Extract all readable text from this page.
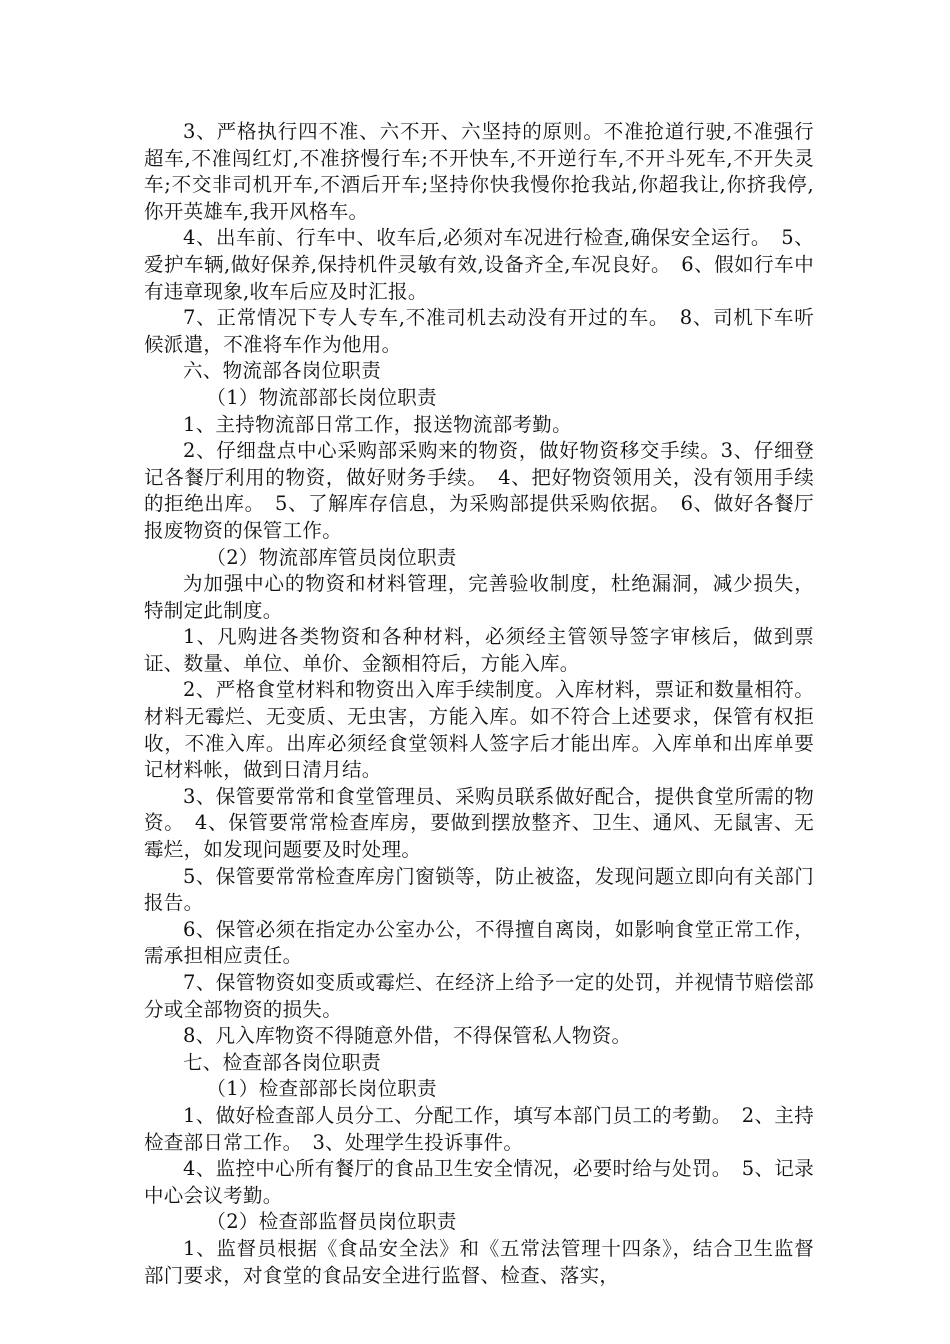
3、严格执行四不准、六不开、六坚持的原则。不准抢道行驶,不准强行超车,不准闯红灯,不准挤慢行车;不开快车,不开逆行车,不开斗死车,不开失灵车;不交非司机开车,不酒后开车;坚持你快我慢你抢我站,你超我让,你挤我停,你开英雄车,我开风格车。

4、出车前、行车中、收车后,必须对车况进行检查,确保安全运行。　5、爱护车辆,做好保养,保持机件灵敏有效,设备齐全,车况良好。　6、假如行车中有违章现象,收车后应及时汇报。

7、正常情况下专人专车,不准司机去动没有开过的车。　8、司机下车听候派遣，不准将车作为他用。

六、物流部各岗位职责

（1）物流部部长岗位职责

1、主持物流部日常工作，报送物流部考勤。

2、仔细盘点中心采购部采购来的物资，做好物资移交手续。3、仔细登记各餐厅利用的物资，做好财务手续。　4、把好物资领用关，没有领用手续的拒绝出库。　5、了解库存信息，为采购部提供采购依据。　6、做好各餐厅报废物资的保管工作。

（2）物流部库管员岗位职责

为加强中心的物资和材料管理，完善验收制度，杜绝漏洞，减少损失，特制定此制度。

1、凡购进各类物资和各种材料，必须经主管领导签字审核后，做到票证、数量、单位、单价、金额相符后，方能入库。

2、严格食堂材料和物资出入库手续制度。入库材料，票证和数量相符。材料无霉烂、无变质、无虫害，方能入库。如不符合上述要求，保管有权拒收，不准入库。出库必须经食堂领料人签字后才能出库。入库单和出库单要记材料帐，做到日清月结。

3、保管要常常和食堂管理员、采购员联系做好配合，提供食堂所需的物资。　4、保管要常常检查库房，要做到摆放整齐、卫生、通风、无鼠害、无霉烂，如发现问题要及时处理。

5、保管要常常检查库房门窗锁等，防止被盗，发现问题立即向有关部门报告。

6、保管必须在指定办公室办公，不得擅自离岗，如影响食堂正常工作，需承担相应责任。

7、保管物资如变质或霉烂、在经济上给予一定的处罚，并视情节赔偿部分或全部物资的损失。

8、凡入库物资不得随意外借，不得保管私人物资。

七、检查部各岗位职责

（1）检查部部长岗位职责

1、做好检查部人员分工、分配工作，填写本部门员工的考勤。　2、主持检查部日常工作。　3、处理学生投诉事件。

4、监控中心所有餐厅的食品卫生安全情况，必要时给与处罚。　5、记录中心会议考勤。

（2）检查部监督员岗位职责

1、监督员根据《食品安全法》和《五常法管理十四条》，结合卫生监督部门要求，对食堂的食品安全进行监督、检查、落实，
